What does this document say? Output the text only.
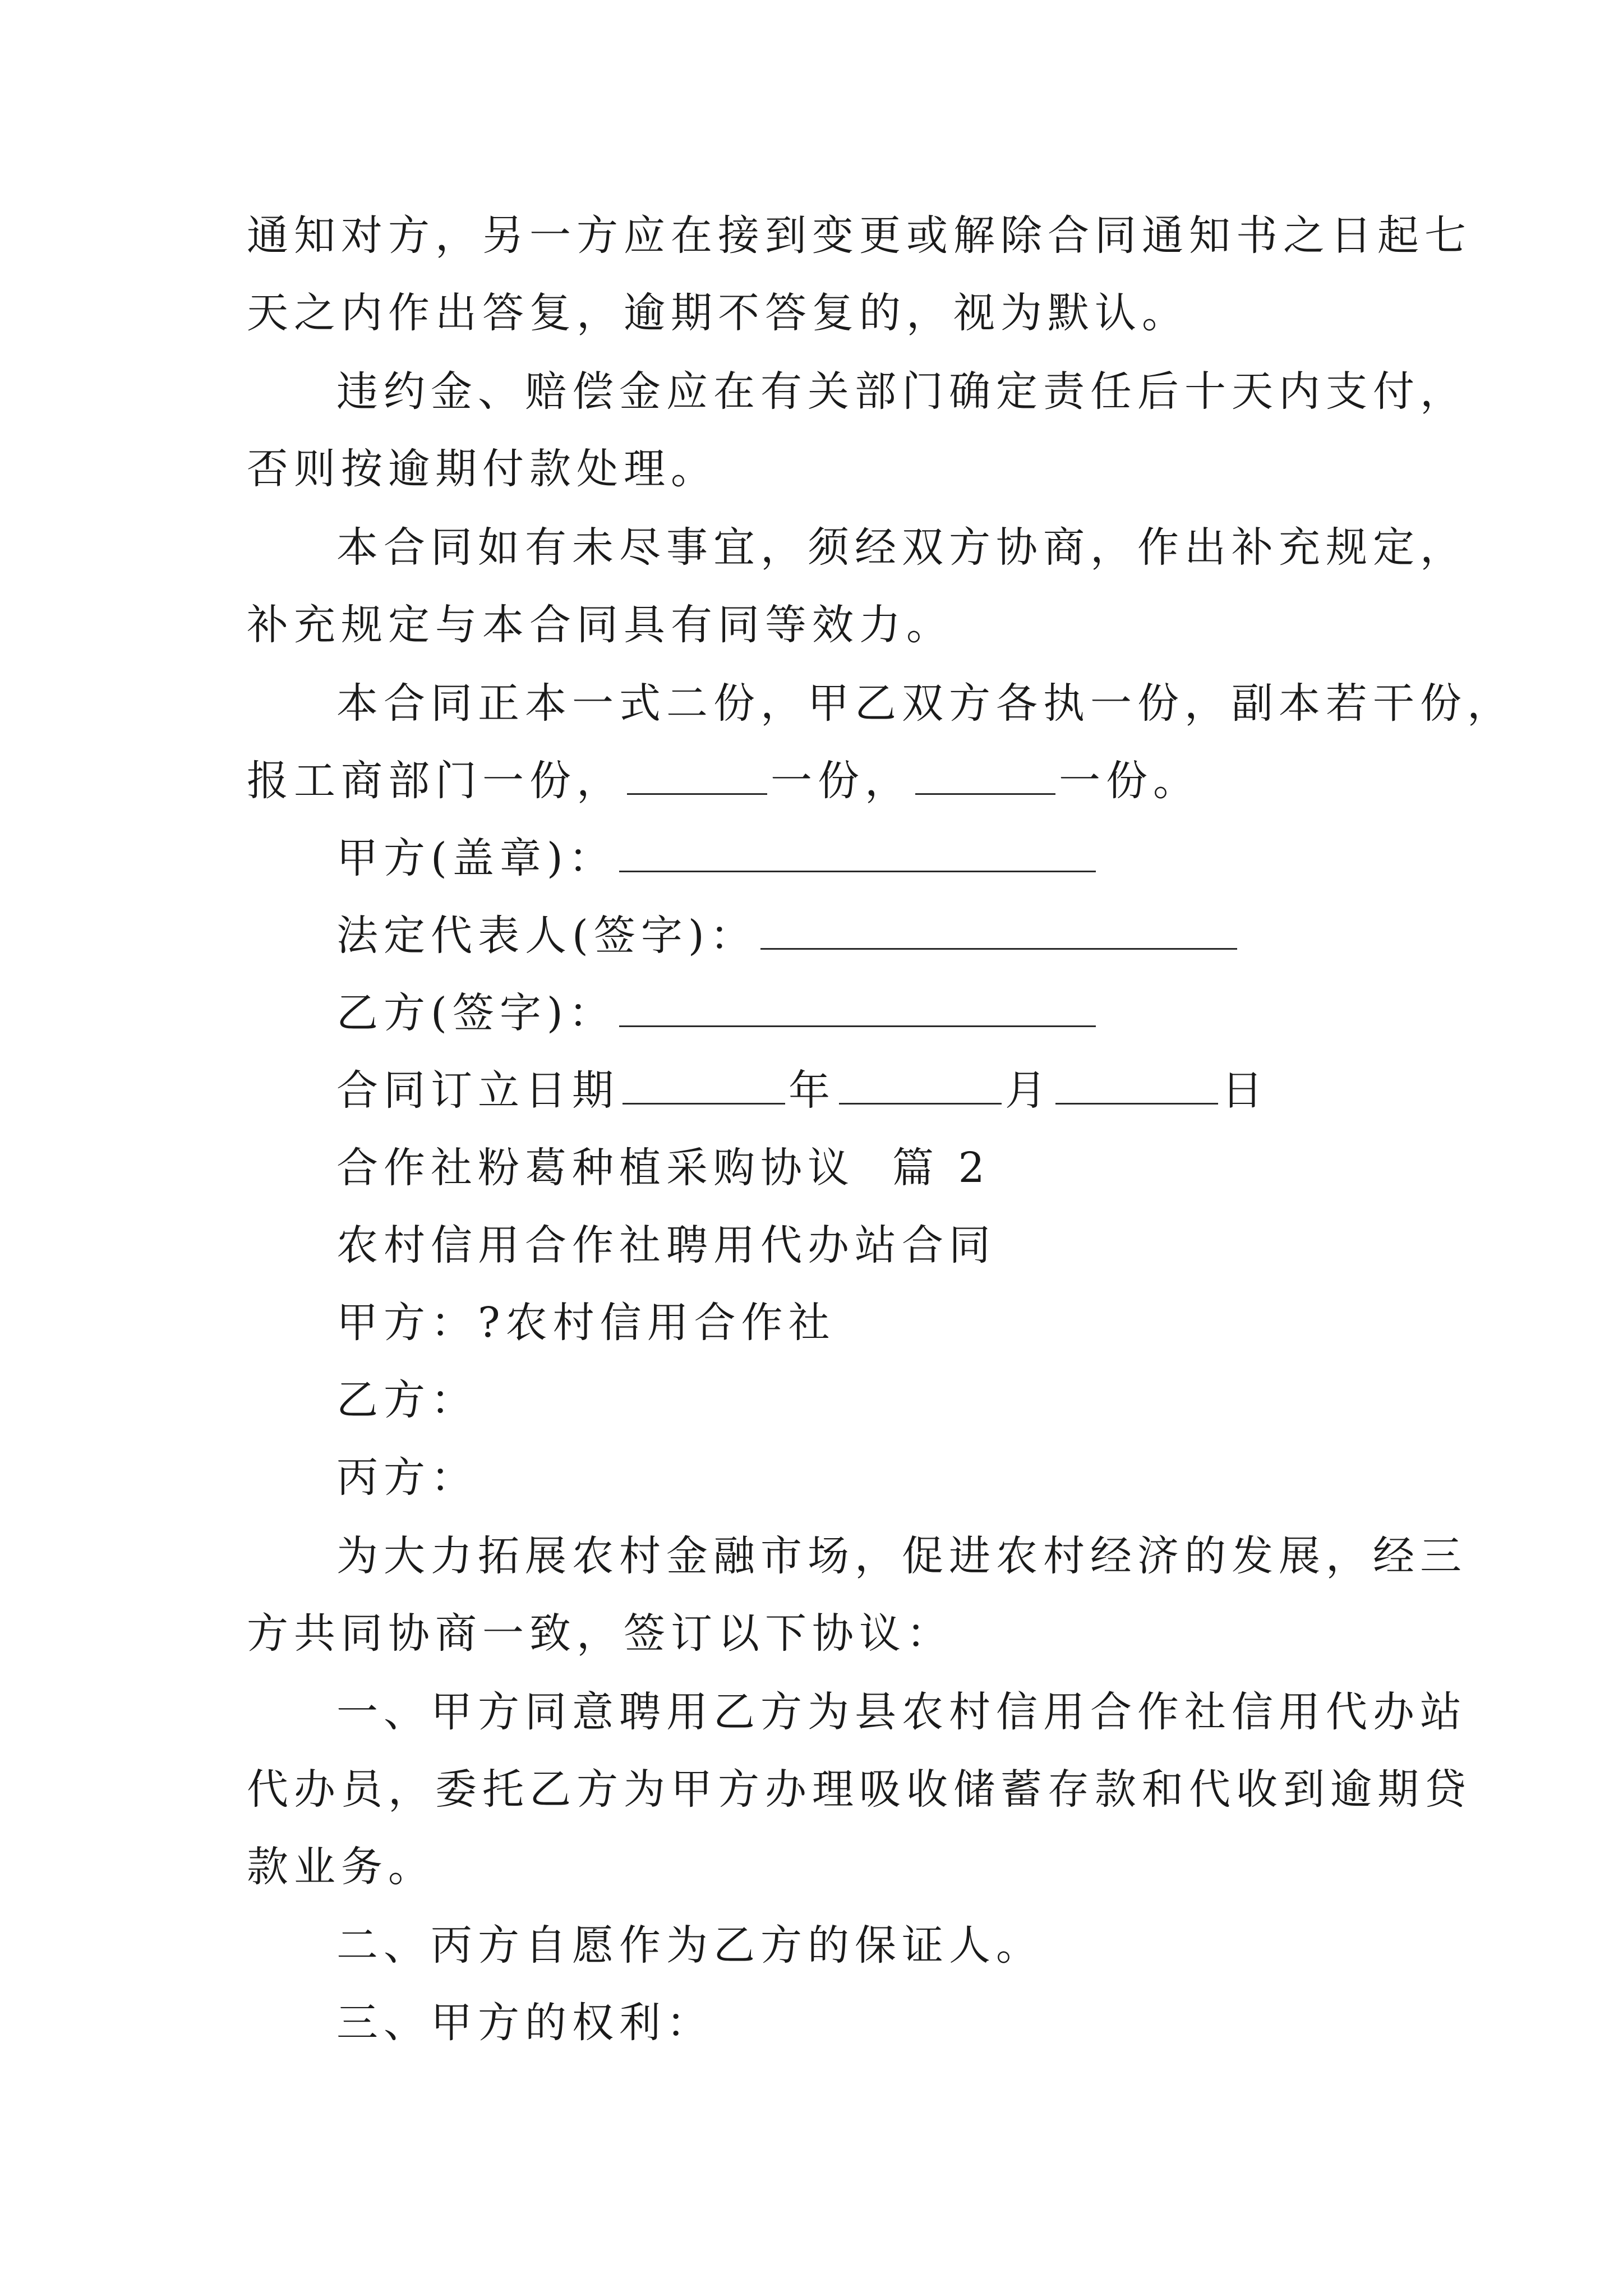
通知对方，另一方应在接到变更或解除合同通知书之日起七
天之内作出答复，逾期不答复的，视为默认。
违约金、赔偿金应在有关部门确定责任后十天内支付，
否则按逾期付款处理。
本合同如有未尽事宜，须经双方协商，作出补充规定，
补充规定与本合同具有同等效力。
本合同正本一式二份，甲乙双方各执一份，副本若干份，
报工商部门一份，	一份，	一份。
甲方(盖章)：
法定代表人(签字)：
乙方(签字)：
合同订立日期	年	月	日
合作社粉葛种植采购协议  篇 2
农村信用合作社聘用代办站合同
甲方：?农村信用合作社
乙方：
丙方：
为大力拓展农村金融市场，促进农村经济的发展，经三
方共同协商一致，签订以下协议：
一、甲方同意聘用乙方为县农村信用合作社信用代办站
代办员，委托乙方为甲方办理吸收储蓄存款和代收到逾期贷
款业务。
二、丙方自愿作为乙方的保证人。
三、甲方的权利：
